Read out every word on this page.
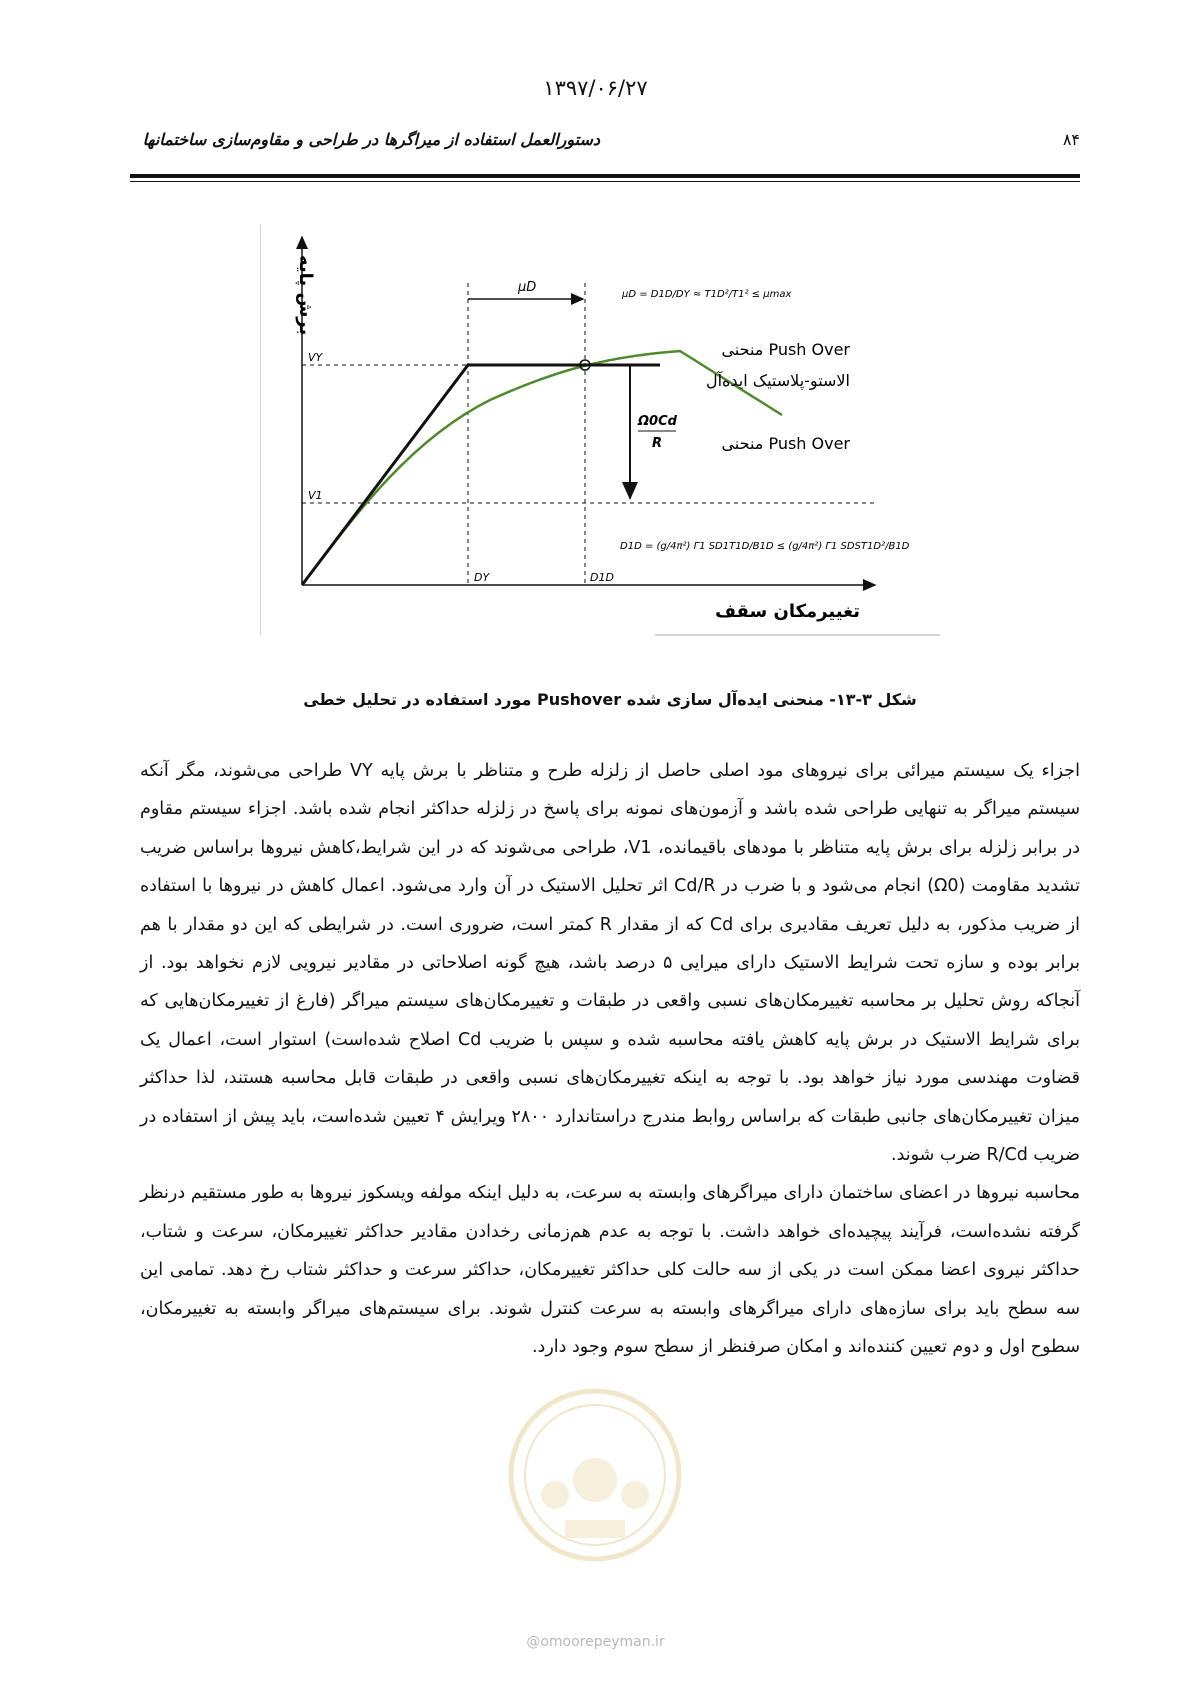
۱۳۹۷/۰۶/۲۷
دستورالعمل استفاده از میراگرها در طراحی و مقاوم‌سازی ساختمانها	۸۴
برش پایه
تغییرمکان سقف
VY
V1
DY	D1D
μD	μD = D1D/DY ≈ T1D²/T1² ≤ μmax
Ω0Cd
R
D1D = (g/4π²) Γ1 SD1T1D/B1D ≤ (g/4π²) Γ1 SDST1D²/B1D
منحنی Push Over
الاستو-پلاستیک ایده‌آل
منحنی Push Over
شکل ۳-۱۳- منحنی ایده‌آل سازی شده Pushover مورد استفاده در تحلیل خطی

اجزاء یک سیستم میرائی برای نیروهای مود اصلی حاصل از زلزله طرح و متناظر با برش پایه VY طراحی می‌شوند، مگر آنکه سیستم میراگر به تنهایی طراحی شده باشد و آزمون‌های نمونه برای پاسخ در زلزله حداکثر انجام شده باشد. اجزاء سیستم مقاوم در برابر زلزله برای برش پایه متناظر با مودهای باقیمانده، V1، طراحی می‌شوند که در این شرایط،کاهش نیروها براساس ضریب تشدید مقاومت (Ω0) انجام می‌شود و با ضرب در Cd/R اثر تحلیل الاستیک در آن وارد می‌شود. اعمال کاهش در نیروها با استفاده از ضریب مذکور، به دلیل تعریف مقادیری برای Cd که از مقدار R کمتر است، ضروری است. در شرایطی که این دو مقدار با هم برابر بوده و سازه تحت شرایط الاستیک دارای میرایی ۵ درصد باشد، هیچ گونه اصلاحاتی در مقادیر نیرویی لازم نخواهد بود. از آنجاکه روش تحلیل بر محاسبه تغییرمکان‌های نسبی واقعی در طبقات و تغییرمکان‌های سیستم میراگر (فارغ از تغییرمکان‌هایی که برای شرایط الاستیک در برش پایه کاهش یافته محاسبه شده و سپس با ضریب Cd اصلاح شده‌است) استوار است، اعمال یک قضاوت مهندسی مورد نیاز خواهد بود. با توجه به اینکه تغییرمکان‌های نسبی واقعی در طبقات قابل محاسبه هستند، لذا حداکثر میزان تغییرمکان‌های جانبی طبقات که براساس روابط مندرج دراستاندارد ۲۸۰۰ ویرایش ۴ تعیین شده‌است، باید پیش از استفاده در ضریب R/Cd ضرب شوند.

محاسبه نیروها در اعضای ساختمان دارای میراگرهای وابسته به سرعت، به دلیل اینکه مولفه ویسکوز نیروها به طور مستقیم درنظر گرفته نشده‌است، فرآیند پیچیده‌ای خواهد داشت. با توجه به عدم هم‌زمانی رخدادن مقادیر حداکثر تغییرمکان، سرعت و شتاب، حداکثر نیروی اعضا ممکن است در یکی از سه حالت کلی حداکثر تغییرمکان، حداکثر سرعت و حداکثر شتاب رخ دهد. تمامی این سه سطح باید برای سازه‌های دارای میراگرهای وابسته به سرعت کنترل شوند. برای سیستم‌های میراگر وابسته به تغییرمکان، سطوح اول و دوم تعیین کننده‌اند و امکان صرفنظر از سطح سوم وجود دارد.

@omoorepeyman.ir
